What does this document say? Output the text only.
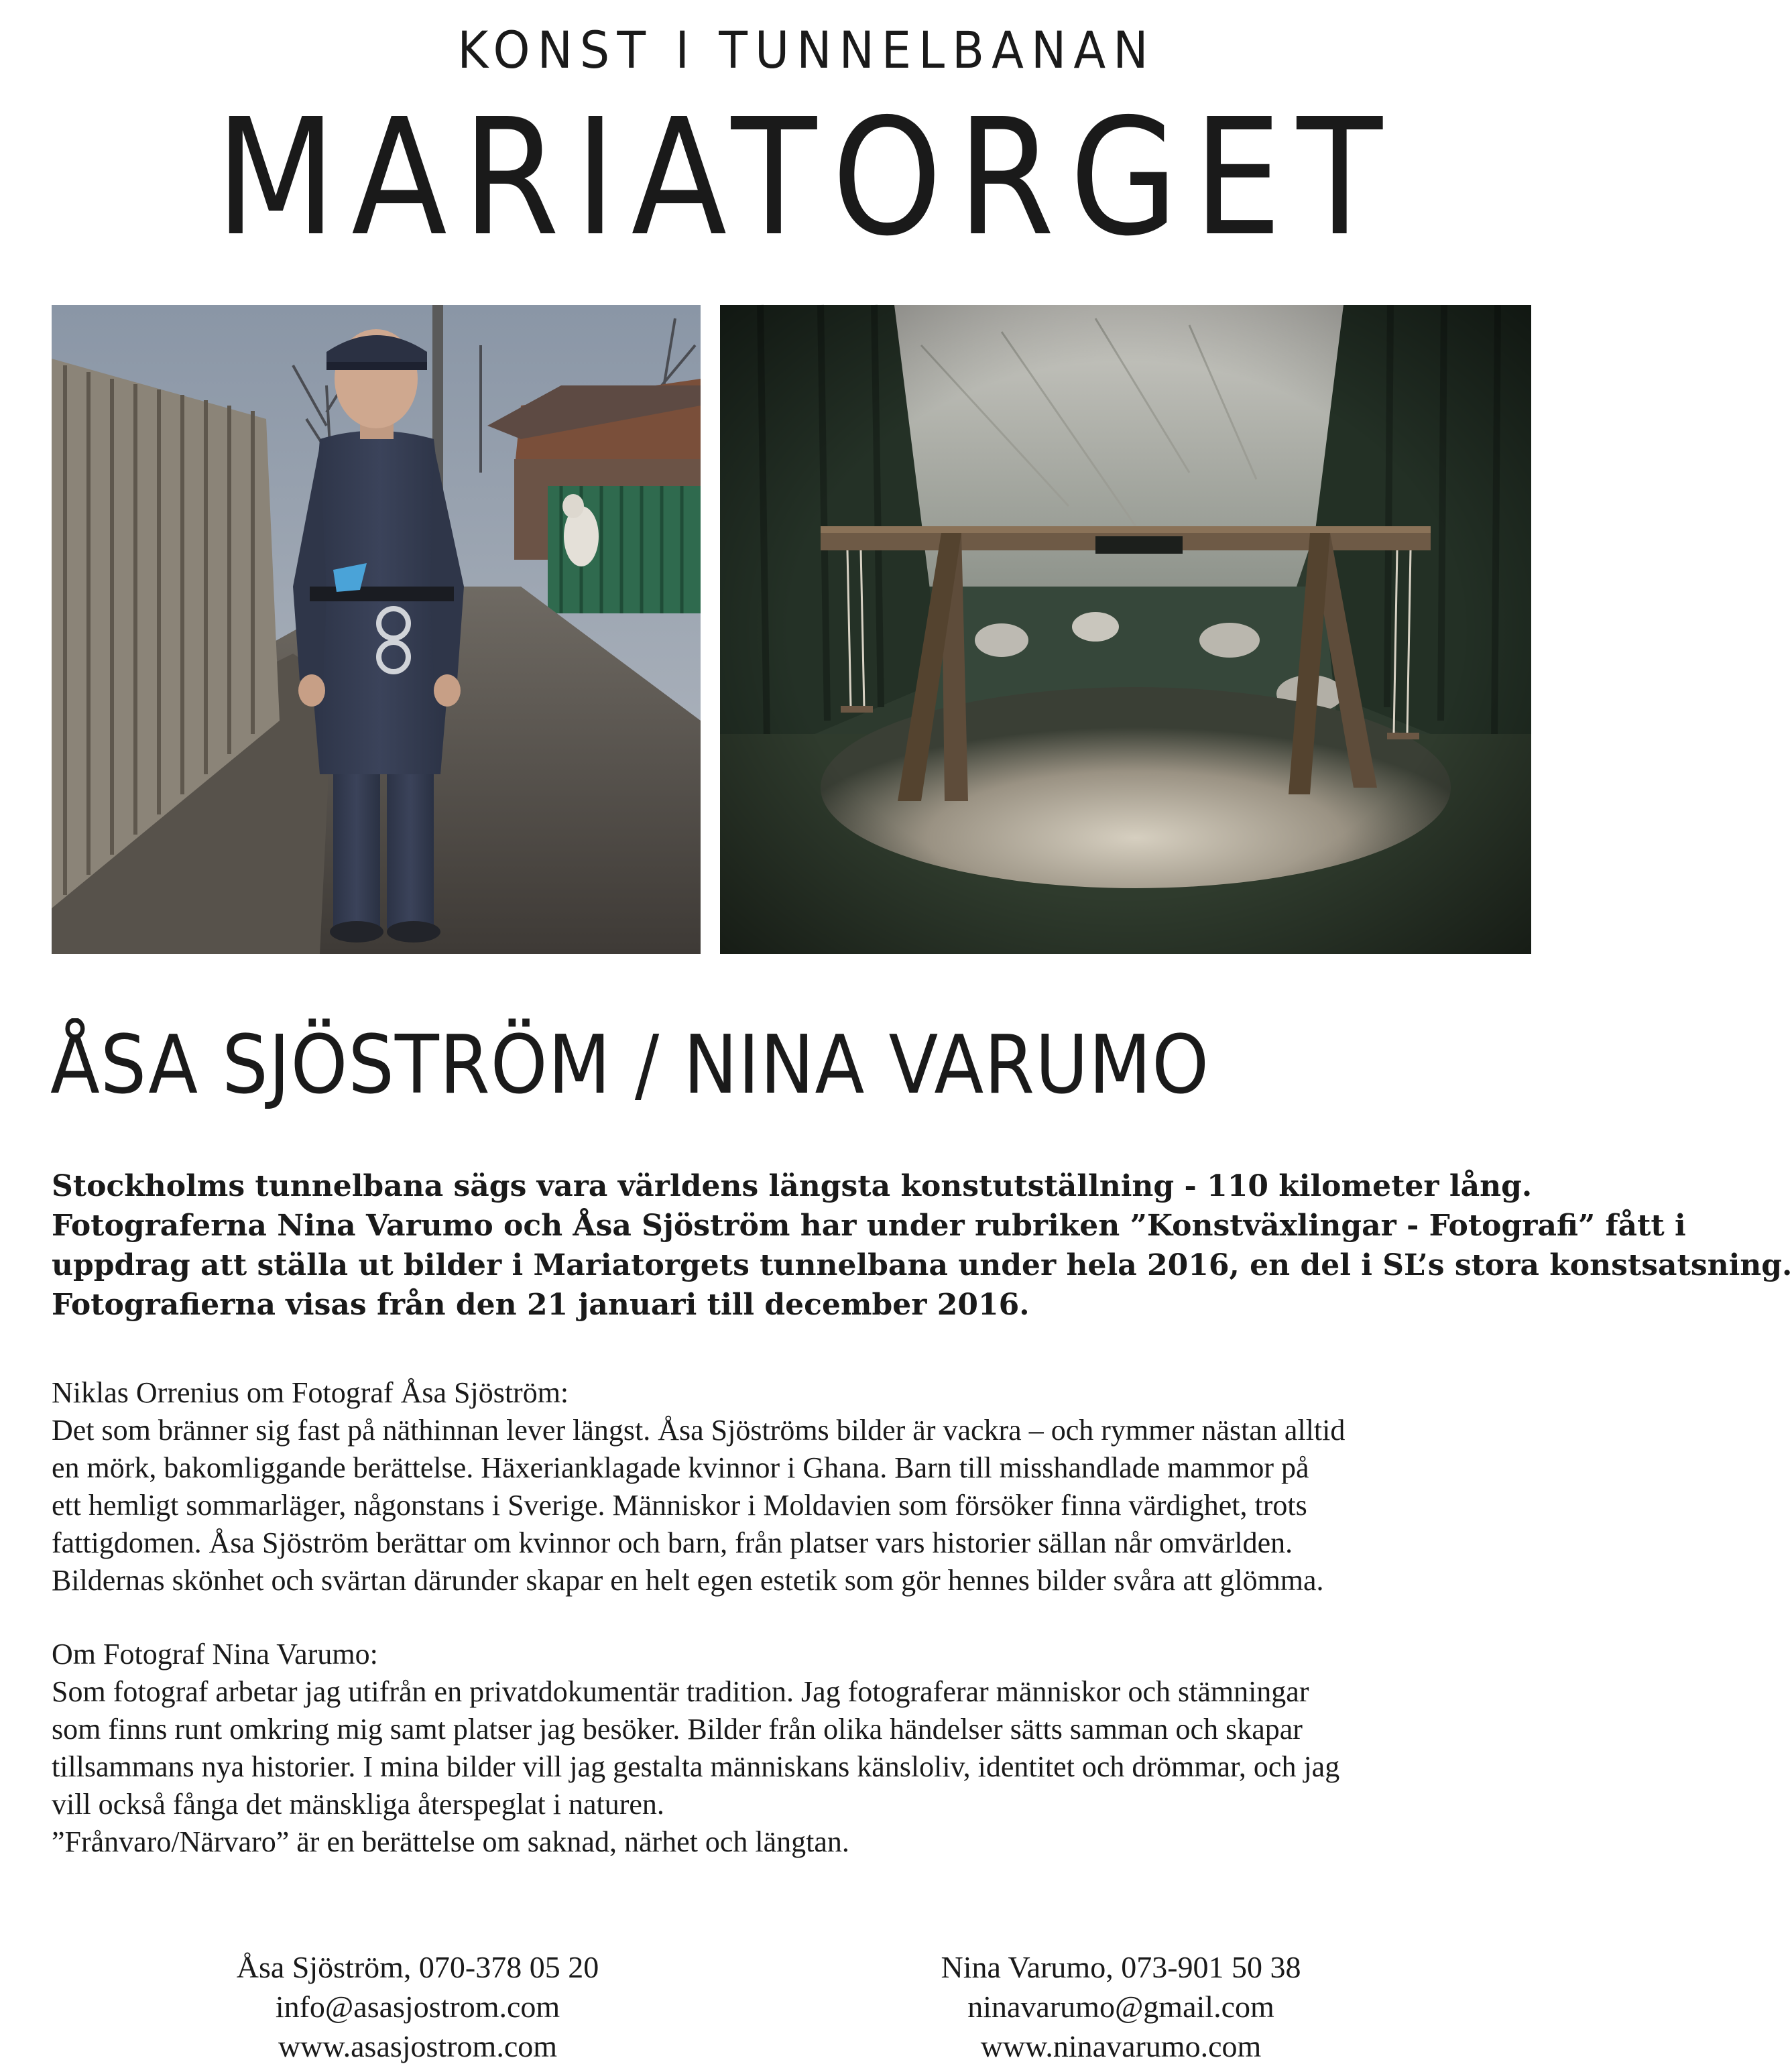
KONST I TUNNELBANAN
MARIATORGET
ÅSA SJÖSTRÖM / NINA VARUMO

Stockholms tunnelbana sägs vara världens längsta konstutställning - 110 kilometer lång.
Fotograferna Nina Varumo och Åsa Sjöström har under rubriken ”Konstväxlingar - Fotografi” fått i
uppdrag att ställa ut bilder i Mariatorgets tunnelbana under hela 2016, en del i SL’s stora konstsatsning.
Fotografierna visas från den 21 januari till december 2016.

Niklas Orrenius om Fotograf Åsa Sjöström:
Det som bränner sig fast på näthinnan lever längst. Åsa Sjöströms bilder är vackra – och rymmer nästan alltid
en mörk, bakomliggande berättelse. Häxerianklagade kvinnor i Ghana. Barn till misshandlade mammor på
ett hemligt sommarläger, någonstans i Sverige. Människor i Moldavien som försöker finna värdighet, trots
fattigdomen. Åsa Sjöström berättar om kvinnor och barn, från platser vars historier sällan når omvärlden.
Bildernas skönhet och svärtan därunder skapar en helt egen estetik som gör hennes bilder svåra att glömma.

Om Fotograf Nina Varumo:
Som fotograf arbetar jag utifrån en privatdokumentär tradition. Jag fotograferar människor och stämningar
som finns runt omkring mig samt platser jag besöker. Bilder från olika händelser sätts samman och skapar
tillsammans nya historier. I mina bilder vill jag gestalta människans känsloliv, identitet och drömmar, och jag
vill också fånga det mänskliga återspeglat i naturen.
”Frånvaro/Närvaro” är en berättelse om saknad, närhet och längtan.

Åsa Sjöström, 070-378 05 20
info@asasjostrom.com
www.asasjostrom.com
Nina Varumo, 073-901 50 38
ninavarumo@gmail.com
www.ninavarumo.com
